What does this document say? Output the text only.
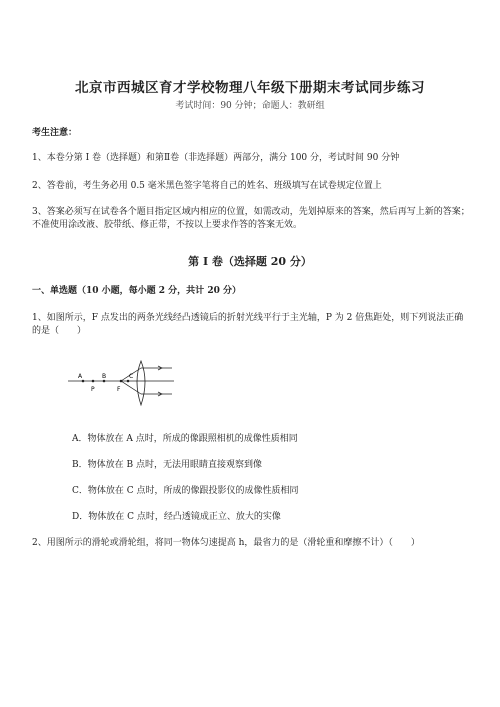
北京市西城区育才学校物理八年级下册期末考试同步练习
考试时间：90 分钟；命题人：教研组
考生注意：
1、本卷分第 I 卷（选择题）和第Ⅱ卷（非选择题）两部分，满分 100 分，考试时间 90 分钟
2、答卷前，考生务必用 0.5 毫米黑色签字笔将自己的姓名、班级填写在试卷规定位置上
3、答案必须写在试卷各个题目指定区域内相应的位置，如需改动，先划掉原来的答案，然后再写上新的答案；不准使用涂改液、胶带纸、修正带，不按以上要求作答的答案无效。
第 I 卷（选择题 20 分）
一、单选题（10 小题，每小题 2 分，共计 20 分）
1、如图所示，F 点发出的两条光线经凸透镜后的折射光线平行于主光轴，P 为 2 倍焦距处，则下列说法正确的是（　　）
A	B
P
C
F
A．物体放在 A 点时，所成的像跟照相机的成像性质相同
B．物体放在 B 点时，无法用眼睛直接观察到像
C．物体放在 C 点时，所成的像跟投影仪的成像性质相同
D．物体放在 C 点时，经凸透镜成正立、放大的实像
2、用图所示的滑轮或滑轮组，将同一物体匀速提高 h，最省力的是（滑轮重和摩擦不计）（　　）
